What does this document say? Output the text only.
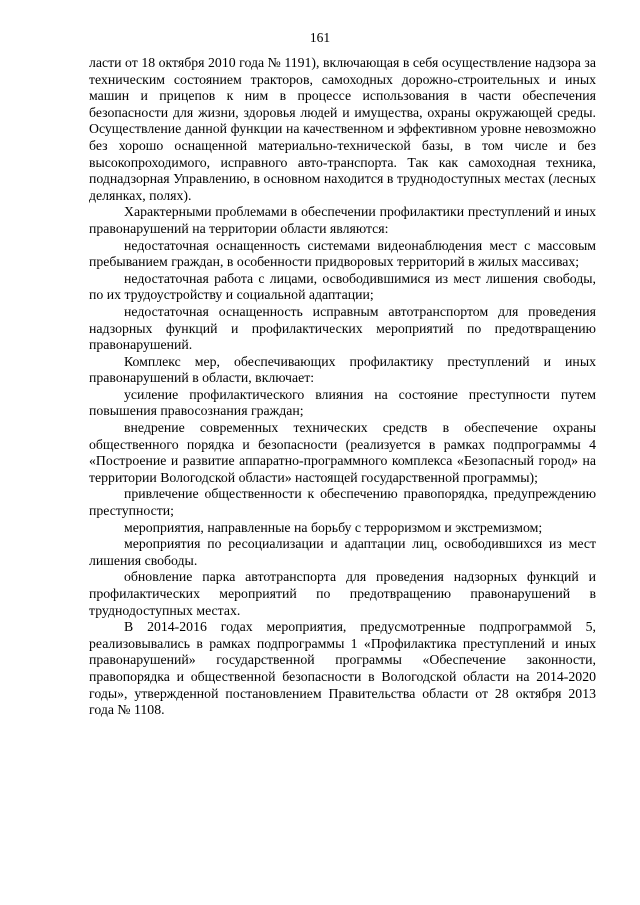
161

ласти от 18 октября 2010 года № 1191), включающая в себя осуществление надзора за техническим состоянием тракторов, самоходных дорожно-строительных и иных машин и прицепов к ним в процессе использования в части обеспечения безопасности для жизни, здоровья людей и имущества, охраны окружающей среды. Осуществление данной функции на качественном и эффективном уровне невозможно без хорошо оснащенной материально-технической базы, в том числе и без высокопроходимого, исправного авто-транспорта. Так как самоходная техника, поднадзорная Управлению, в основном находится в труднодоступных местах (лесных делянках, полях).

Характерными проблемами в обеспечении профилактики преступлений и иных правонарушений на территории области являются:

недостаточная оснащенность системами видеонаблюдения мест с массовым пребыванием граждан, в особенности придворовых территорий в жилых массивах;

недостаточная работа с лицами, освободившимися из мест лишения свободы, по их трудоустройству и социальной адаптации;

недостаточная оснащенность исправным автотранспортом для проведения надзорных функций и профилактических мероприятий по предотвращению правонарушений.

Комплекс мер, обеспечивающих профилактику преступлений и иных правонарушений в области, включает:

усиление профилактического влияния на состояние преступности путем повышения правосознания граждан;

внедрение современных технических средств в обеспечение охраны общественного порядка и безопасности (реализуется в рамках подпрограммы 4 «Построение и развитие аппаратно-программного комплекса «Безопасный город» на территории Вологодской области» настоящей государственной программы);

привлечение общественности к обеспечению правопорядка, предупреждению преступности;

мероприятия, направленные на борьбу с терроризмом и экстремизмом;

мероприятия по ресоциализации и адаптации лиц, освободившихся из мест лишения свободы.

обновление парка автотранспорта для проведения надзорных функций и профилактических мероприятий по предотвращению правонарушений в труднодоступных местах.

В 2014-2016 годах мероприятия, предусмотренные подпрограммой 5, реализовывались в рамках подпрограммы 1 «Профилактика преступлений и иных правонарушений» государственной программы «Обеспечение законности, правопорядка и общественной безопасности в Вологодской области на 2014-2020 годы», утвержденной постановлением Правительства области от 28 октября 2013 года № 1108.
